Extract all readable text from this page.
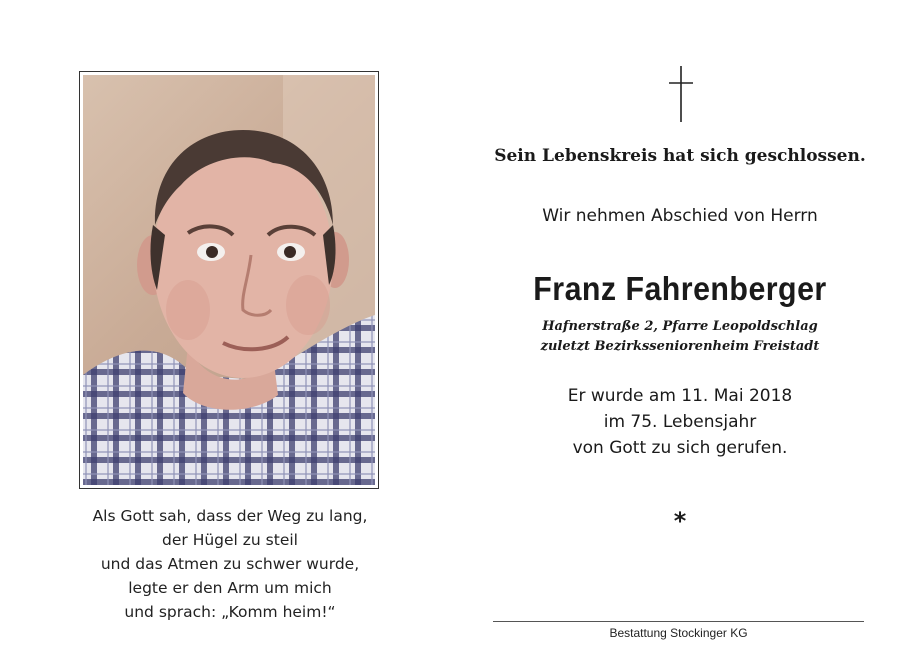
Als Gott sah, dass der Weg zu lang,
der Hügel zu steil
und das Atmen zu schwer wurde,
legte er den Arm um mich
und sprach: „Komm heim!“
Sein Lebenskreis hat sich geschlossen.
Wir nehmen Abschied von Herrn
Franz Fahrenberger
Hafnerstraße 2, Pfarre Leopoldschlag
zuletzt Bezirksseniorenheim Freistadt
Er wurde am 11. Mai 2018
im 75. Lebensjahr
von Gott zu sich gerufen.
*
Bestattung Stockinger KG
